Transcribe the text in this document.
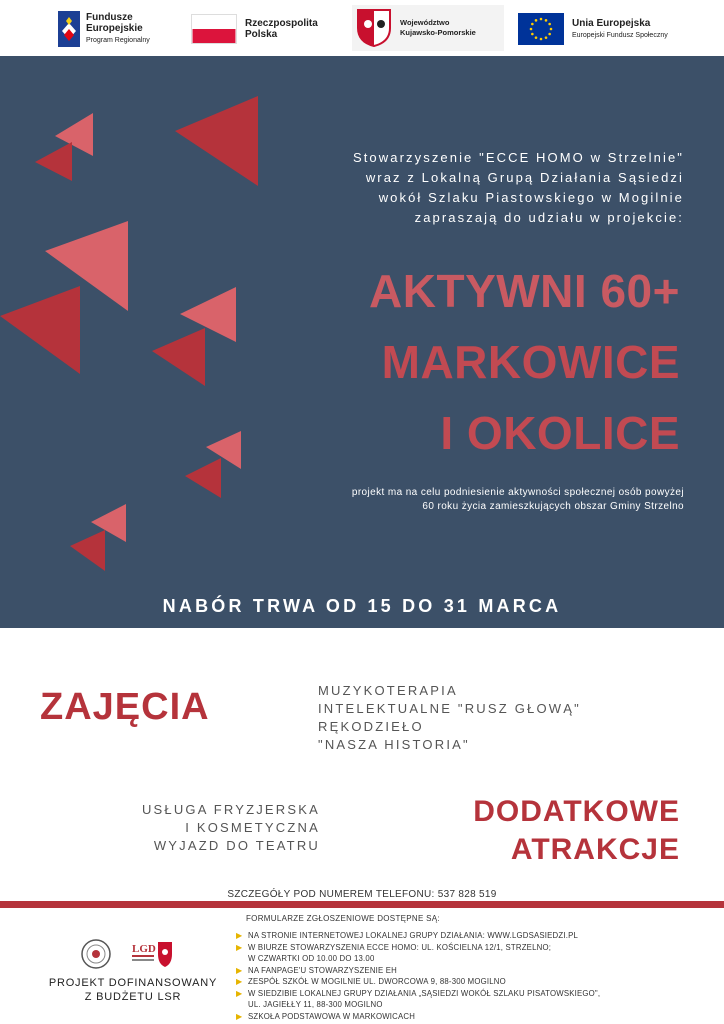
Fundusze
Europejskie
Program Regionalny
Rzeczpospolita
Polska
Województwo
Kujawsko-Pomorskie
Unia Europejska
Europejski Fundusz Społeczny
Stowarzyszenie "ECCE HOMO w Strzelnie"
wraz z Lokalną Grupą Działania Sąsiedzi
wokół Szlaku Piastowskiego w Mogilnie
zapraszają do udziału w projekcie:
AKTYWNI 60+
MARKOWICE
I OKOLICE
projekt ma na celu podniesienie aktywności społecznej osób powyżej
60 roku życia zamieszkujących obszar Gminy Strzelno
NABÓR TRWA OD 15 DO 31 MARCA
ZAJĘCIA	MUZYKOTERAPIA
INTELEKTUALNE "RUSZ GŁOWĄ"
RĘKODZIEŁO
"NASZA HISTORIA"
USŁUGA FRYZJERSKA
I KOSMETYCZNA
WYJAZD DO TEATRU
DODATKOWE
ATRAKCJE
SZCZEGÓŁY POD NUMEREM TELEFONU: 537 828 519
LGD
PROJEKT DOFINANSOWANY
Z BUDŻETU LSR
FORMULARZE ZGŁOSZENIOWE DOSTĘPNE SĄ:
▶ NA STRONIE INTERNETOWEJ LOKALNEJ GRUPY DZIAŁANIA: WWW.LGDSASIEDZI.PL
▶ W BIURZE STOWARZYSZENIA ECCE HOMO: UL. KOŚCIELNA 12/1, STRZELNO;
W CZWARTKI OD 10.00 DO 13.00
▶ NA FANPAGE'U STOWARZYSZENIE EH
▶ ZESPÓŁ SZKÓŁ W MOGILNIE UL. DWORCOWA 9, 88-300 MOGILNO
▶ W SIEDZIBIE LOKALNEJ GRUPY DZIAŁANIA „SĄSIEDZI WOKÓŁ SZLAKU PISATOWSKIEGO",
UL. JAGIEŁŁY 11, 88-300 MOGILNO
▶ SZKOŁA PODSTAWOWA W MARKOWICACH
